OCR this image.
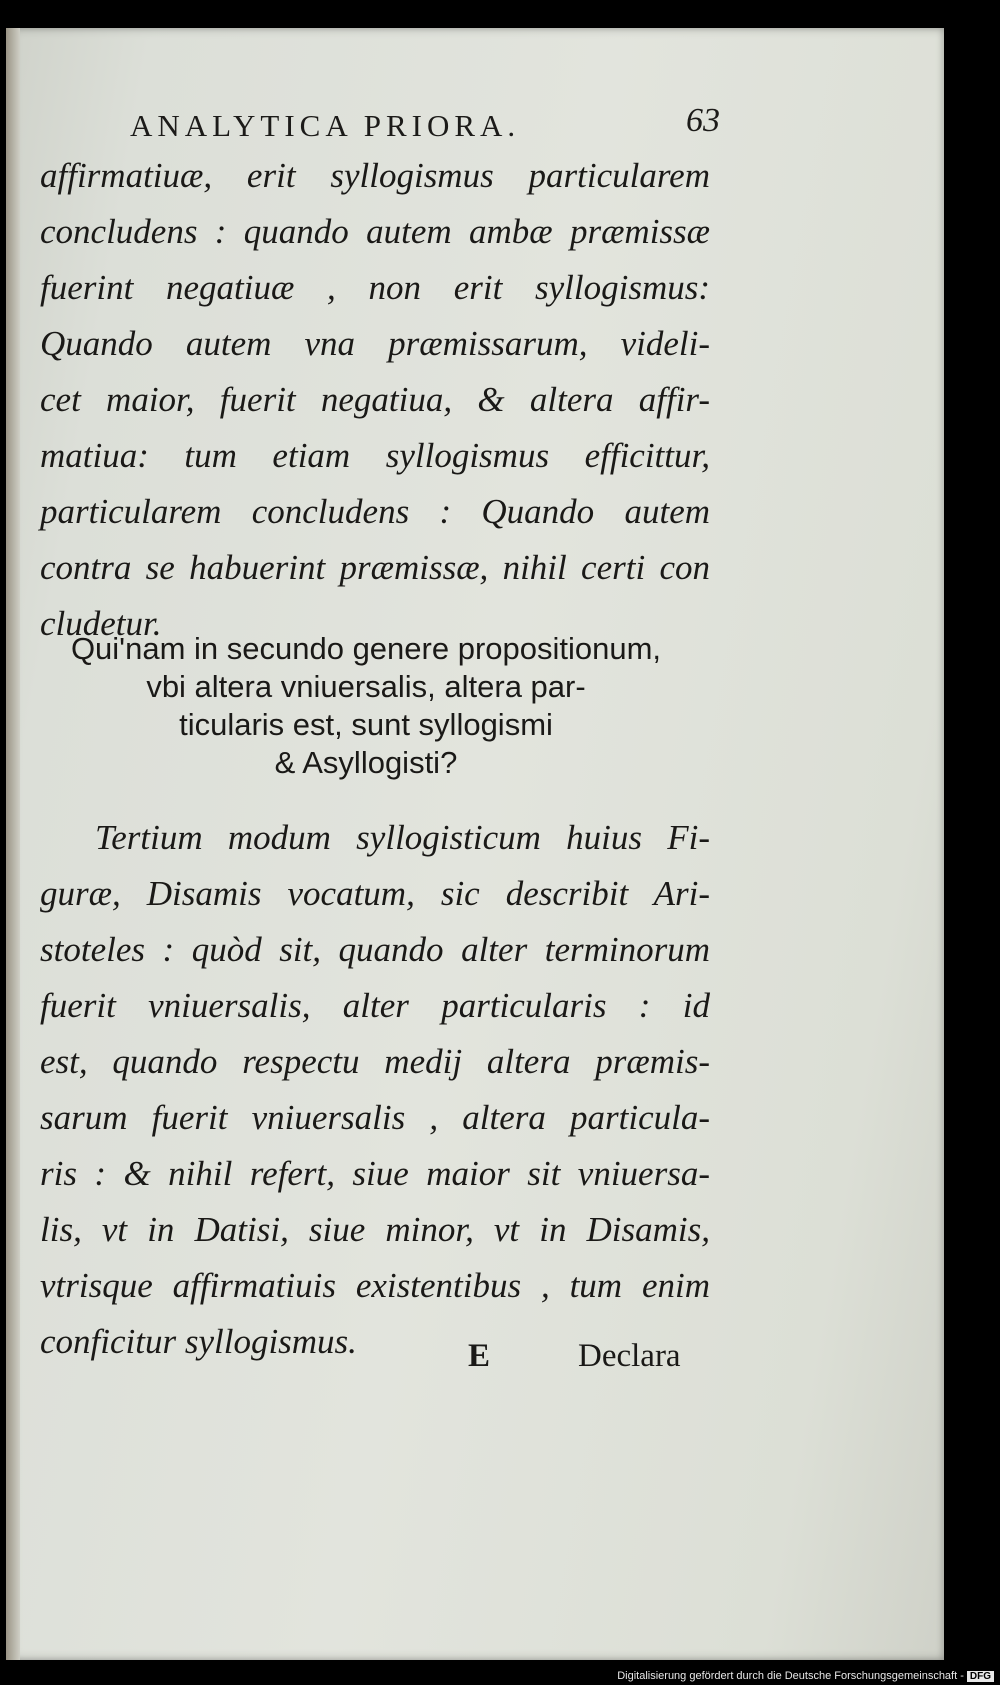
ANALYTICA PRIORA.	63
affirmatiuæ, erit syllogismus particularem
concludens : quando autem ambæ præmissæ
fuerint negatiuæ , non erit syllogismus:
Quando autem vna præmissarum, videli-
cet maior, fuerit negatiua, & altera affir-
matiua: tum etiam syllogismus efficittur,
particularem concludens : Quando autem
contra se habuerint præmissæ, nihil certi con
cludetur.
Qui'nam in secundo genere propositionum,
vbi altera vniuersalis, altera par-
ticularis est, sunt syllogismi
& Asyllogisti?
Tertium modum syllogisticum huius Fi-
guræ, Disamis vocatum, sic describit Ari-
stoteles : quòd sit, quando alter terminorum
fuerit vniuersalis, alter particularis : id
est, quando respectu medij altera præmis-
sarum fuerit vniuersalis , altera particula-
ris : & nihil refert, siue maior sit vniuersa-
lis, vt in Datisi, siue minor, vt in Disamis,
vtrisque affirmatiuis existentibus , tum enim
conficitur syllogismus.	E	Declara
Digitalisierung gefördert durch die Deutsche Forschungsgemeinschaft - DFG
